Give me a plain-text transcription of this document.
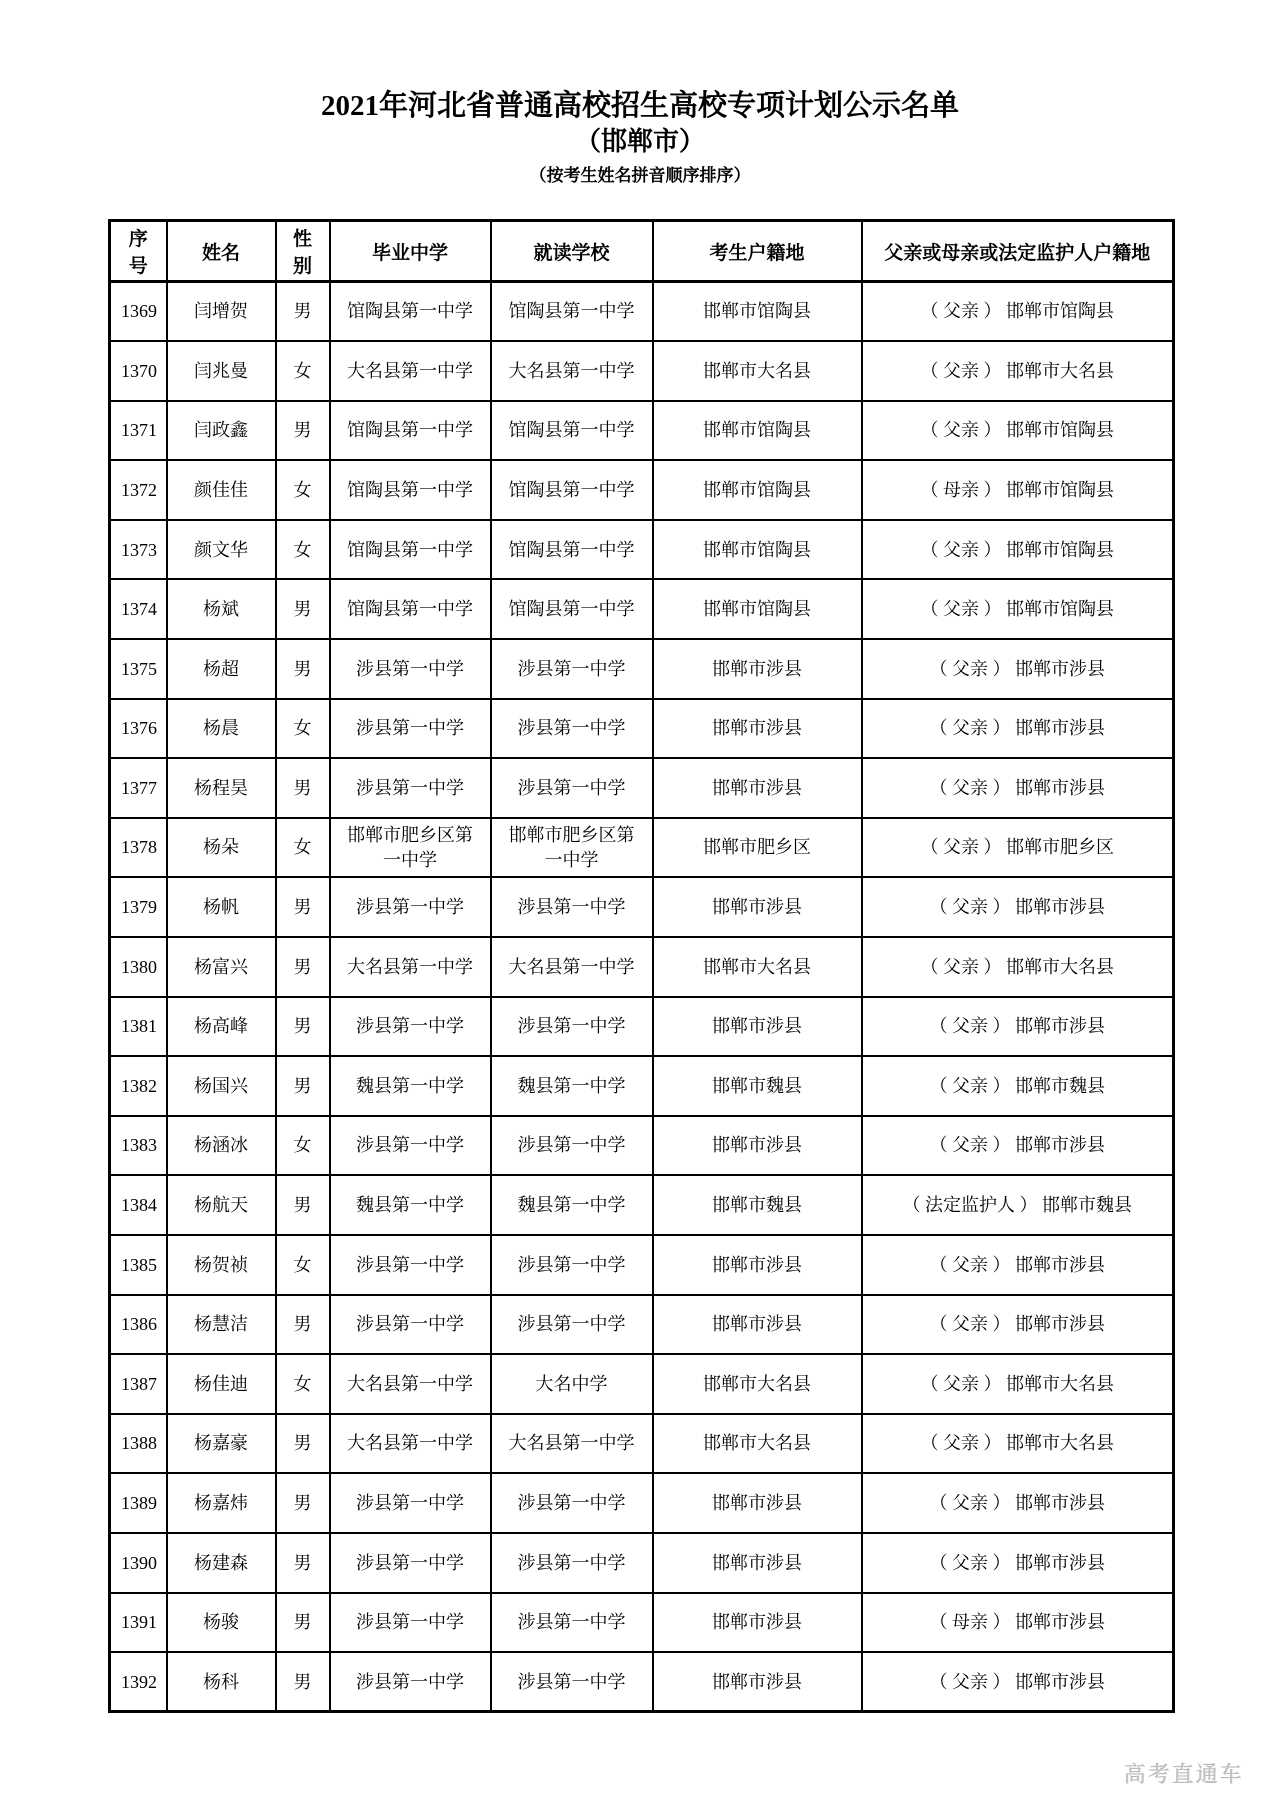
2021年河北省普通高校招生高校专项计划公示名单
（邯郸市）
（按考生姓名拼音顺序排序）
序号	姓名	性别	毕业中学	就读学校	考生户籍地	父亲或母亲或法定监护人户籍地
1369	闫增贺	男	馆陶县第一中学	馆陶县第一中学	邯郸市馆陶县	（ 父亲 ） 邯郸市馆陶县
1370	闫兆曼	女	大名县第一中学	大名县第一中学	邯郸市大名县	（ 父亲 ） 邯郸市大名县
1371	闫政鑫	男	馆陶县第一中学	馆陶县第一中学	邯郸市馆陶县	（ 父亲 ） 邯郸市馆陶县
1372	颜佳佳	女	馆陶县第一中学	馆陶县第一中学	邯郸市馆陶县	（ 母亲 ） 邯郸市馆陶县
1373	颜文华	女	馆陶县第一中学	馆陶县第一中学	邯郸市馆陶县	（ 父亲 ） 邯郸市馆陶县
1374	杨斌	男	馆陶县第一中学	馆陶县第一中学	邯郸市馆陶县	（ 父亲 ） 邯郸市馆陶县
1375	杨超	男	涉县第一中学	涉县第一中学	邯郸市涉县	（ 父亲 ） 邯郸市涉县
1376	杨晨	女	涉县第一中学	涉县第一中学	邯郸市涉县	（ 父亲 ） 邯郸市涉县
1377	杨程昊	男	涉县第一中学	涉县第一中学	邯郸市涉县	（ 父亲 ） 邯郸市涉县
1378	杨朵	女	邯郸市肥乡区第一中学	邯郸市肥乡区第一中学	邯郸市肥乡区	（ 父亲 ） 邯郸市肥乡区
1379	杨帆	男	涉县第一中学	涉县第一中学	邯郸市涉县	（ 父亲 ） 邯郸市涉县
1380	杨富兴	男	大名县第一中学	大名县第一中学	邯郸市大名县	（ 父亲 ） 邯郸市大名县
1381	杨高峰	男	涉县第一中学	涉县第一中学	邯郸市涉县	（ 父亲 ） 邯郸市涉县
1382	杨国兴	男	魏县第一中学	魏县第一中学	邯郸市魏县	（ 父亲 ） 邯郸市魏县
1383	杨涵冰	女	涉县第一中学	涉县第一中学	邯郸市涉县	（ 父亲 ） 邯郸市涉县
1384	杨航天	男	魏县第一中学	魏县第一中学	邯郸市魏县	（ 法定监护人 ） 邯郸市魏县
1385	杨贺祯	女	涉县第一中学	涉县第一中学	邯郸市涉县	（ 父亲 ） 邯郸市涉县
1386	杨慧洁	男	涉县第一中学	涉县第一中学	邯郸市涉县	（ 父亲 ） 邯郸市涉县
1387	杨佳迪	女	大名县第一中学	大名中学	邯郸市大名县	（ 父亲 ） 邯郸市大名县
1388	杨嘉豪	男	大名县第一中学	大名县第一中学	邯郸市大名县	（ 父亲 ） 邯郸市大名县
1389	杨嘉炜	男	涉县第一中学	涉县第一中学	邯郸市涉县	（ 父亲 ） 邯郸市涉县
1390	杨建森	男	涉县第一中学	涉县第一中学	邯郸市涉县	（ 父亲 ） 邯郸市涉县
1391	杨骏	男	涉县第一中学	涉县第一中学	邯郸市涉县	（ 母亲 ） 邯郸市涉县
1392	杨科	男	涉县第一中学	涉县第一中学	邯郸市涉县	（ 父亲 ） 邯郸市涉县
高考直通车
